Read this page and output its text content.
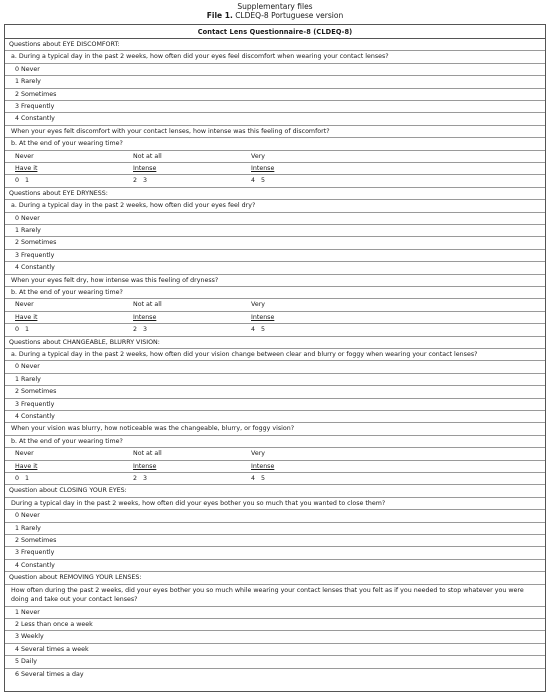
Supplementary files
File 1. CLDEQ-8 Portuguese version
Contact Lens Questionnaire-8 (CLDEQ-8)
Questions about EYE DISCOMFORT:
a. During a typical day in the past 2 weeks, how often did your eyes feel discomfort when wearing your contact lenses?
0 Never
1 Rarely
2 Sometimes
3 Frequently
4 Constantly
When your eyes felt discomfort with your contact lenses, how intense was this feeling of discomfort?
b. At the end of your wearing time?
Never	Not at all	Very
Have it	Intense	Intense
0   1	2   3	4   5
Questions about EYE DRYNESS:
a. During a typical day in the past 2 weeks, how often did your eyes feel dry?
0 Never
1 Rarely
2 Sometimes
3 Frequently
4 Constantly
When your eyes felt dry, how intense was this feeling of dryness?
b. At the end of your wearing time?
Never	Not at all	Very
Have it	Intense	Intense
0   1	2   3	4   5
Questions about CHANGEABLE, BLURRY VISION:
a. During a typical day in the past 2 weeks, how often did your vision change between clear and blurry or foggy when wearing your contact lenses?
0 Never
1 Rarely
2 Sometimes
3 Frequently
4 Constantly
When your vision was blurry, how noticeable was the changeable, blurry, or foggy vision?
b. At the end of your wearing time?
Never	Not at all	Very
Have it	Intense	Intense
0   1	2   3	4   5
Question about CLOSING YOUR EYES:
During a typical day in the past 2 weeks, how often did your eyes bother you so much that you wanted to close them?
0 Never
1 Rarely
2 Sometimes
3 Frequently
4 Constantly
Question about REMOVING YOUR LENSES:
How often during the past 2 weeks, did your eyes bother you so much while wearing your contact lenses that you felt as if you needed to stop whatever you were doing and take out your contact lenses?
1 Never
2 Less than once a week
3 Weekly
4 Several times a week
5 Daily
6 Several times a day
